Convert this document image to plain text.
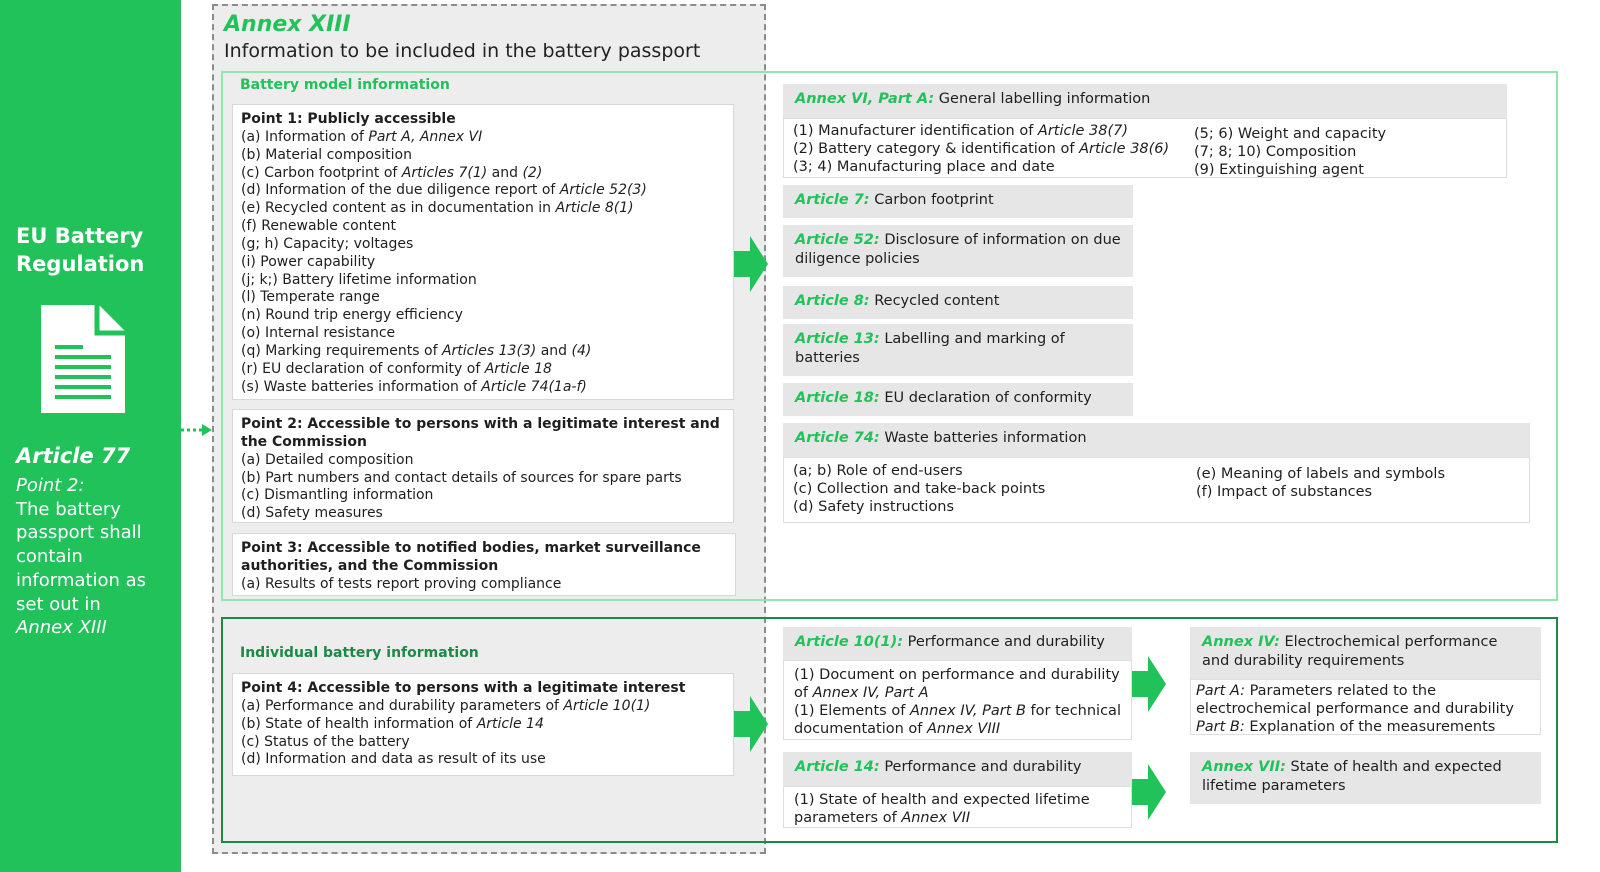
EU Battery Regulation
Article 77
Point 2:
The battery passport shall contain information as set out in
Annex XIII
Annex XIII
Information to be included in the battery passport
Battery model information
Individual battery information
Point 1: Publicly accessible
(a) Information of Part A, Annex VI
(b) Material composition
(c) Carbon footprint of Articles 7(1) and (2)
(d) Information of the due diligence report of Article 52(3)
(e) Recycled content as in documentation in Article 8(1)
(f) Renewable content
(g; h) Capacity; voltages
(i) Power capability
(j; k;) Battery lifetime information
(l) Temperate range
(n) Round trip energy efficiency
(o) Internal resistance
(q) Marking requirements of Articles 13(3) and (4)
(r) EU declaration of conformity of Article 18
(s) Waste batteries information of Article 74(1a-f)
Point 2: Accessible to persons with a legitimate interest and the Commission
(a) Detailed composition
(b) Part numbers and contact details of sources for spare parts
(c) Dismantling information
(d) Safety measures
Point 3: Accessible to notified bodies, market surveillance authorities, and the Commission
(a) Results of tests report proving compliance
Point 4: Accessible to persons with a legitimate interest
(a) Performance and durability parameters of Article 10(1)
(b) State of health information of Article 14
(c) Status of the battery
(d) Information and data as result of its use
Annex VI, Part A: General labelling information
(1) Manufacturer identification of Article 38(7)
(2) Battery category & identification of Article 38(6)
(3; 4) Manufacturing place and date
(5; 6) Weight and capacity
(7; 8; 10) Composition
(9) Extinguishing agent
Article 7: Carbon footprint
Article 52: Disclosure of information on due diligence policies
Article 8: Recycled content
Article 13: Labelling and marking of batteries
Article 18: EU declaration of conformity
Article 74: Waste batteries information
(a; b) Role of end-users
(c) Collection and take-back points
(d) Safety instructions
(e) Meaning of labels and symbols
(f) Impact of substances
Article 10(1): Performance and durability
(1) Document on performance and durability of Annex IV, Part A
(1) Elements of Annex IV, Part B for technical documentation of Annex VIII
Article 14: Performance and durability
(1) State of health and expected lifetime parameters of Annex VII
Annex IV: Electrochemical performance and durability requirements
Part A: Parameters related to the electrochemical performance and durability
Part B: Explanation of the measurements
Annex VII: State of health and expected lifetime parameters
